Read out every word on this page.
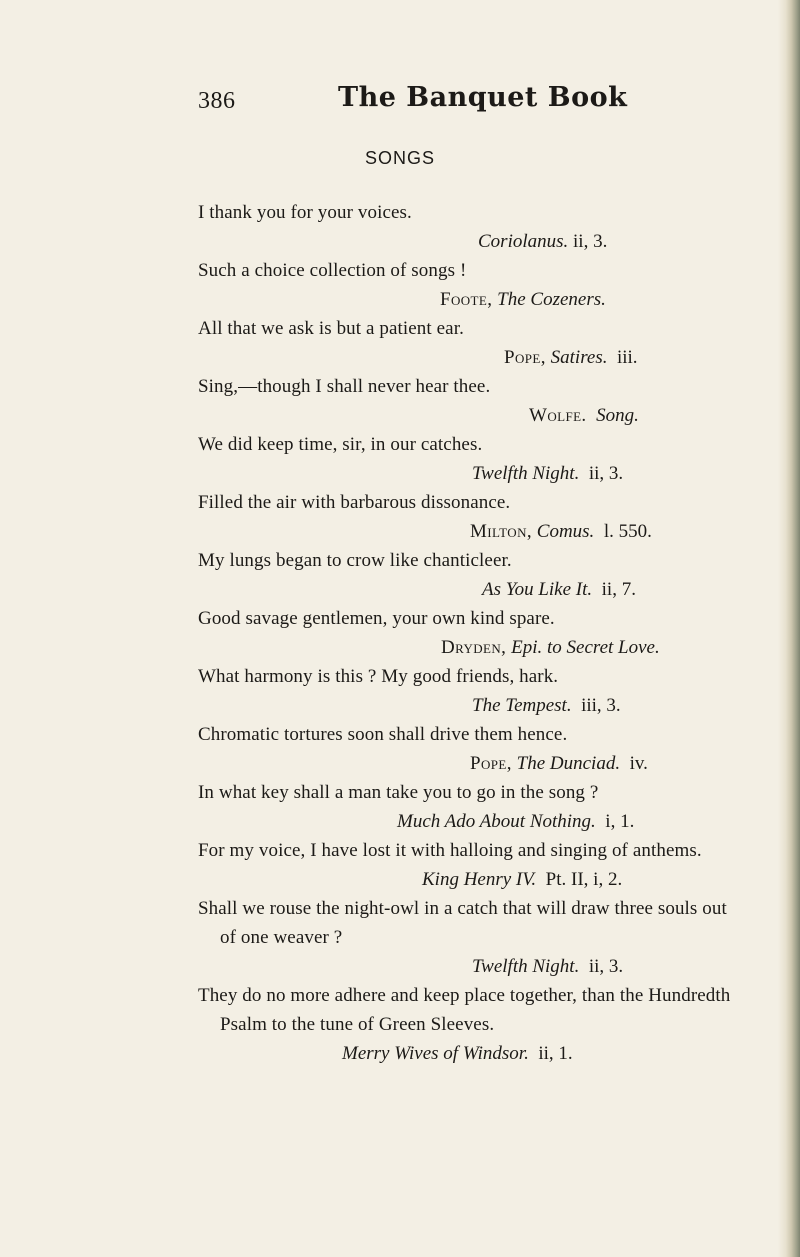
386	The Banquet Book
SONGS
I thank you for your voices.
Coriolanus. ii, 3.
Such a choice collection of songs !
Foote, The Cozeners.
All that we ask is but a patient ear.
Pope, Satires. iii.
Sing,—though I shall never hear thee.
Wolfe. Song.
We did keep time, sir, in our catches.
Twelfth Night. ii, 3.
Filled the air with barbarous dissonance.
Milton, Comus. l. 550.
My lungs began to crow like chanticleer.
As You Like It. ii, 7.
Good savage gentlemen, your own kind spare.
Dryden, Epi. to Secret Love.
What harmony is this ? My good friends, hark.
The Tempest. iii, 3.
Chromatic tortures soon shall drive them hence.
Pope, The Dunciad. iv.
In what key shall a man take you to go in the song ?
Much Ado About Nothing. i, 1.
For my voice, I have lost it with halloing and singing of anthems.
King Henry IV. Pt. II, i, 2.
Shall we rouse the night-owl in a catch that will draw three souls out of one weaver ?
Twelfth Night. ii, 3.
They do no more adhere and keep place together, than the Hundredth Psalm to the tune of Green Sleeves.
Merry Wives of Windsor. ii, 1.
